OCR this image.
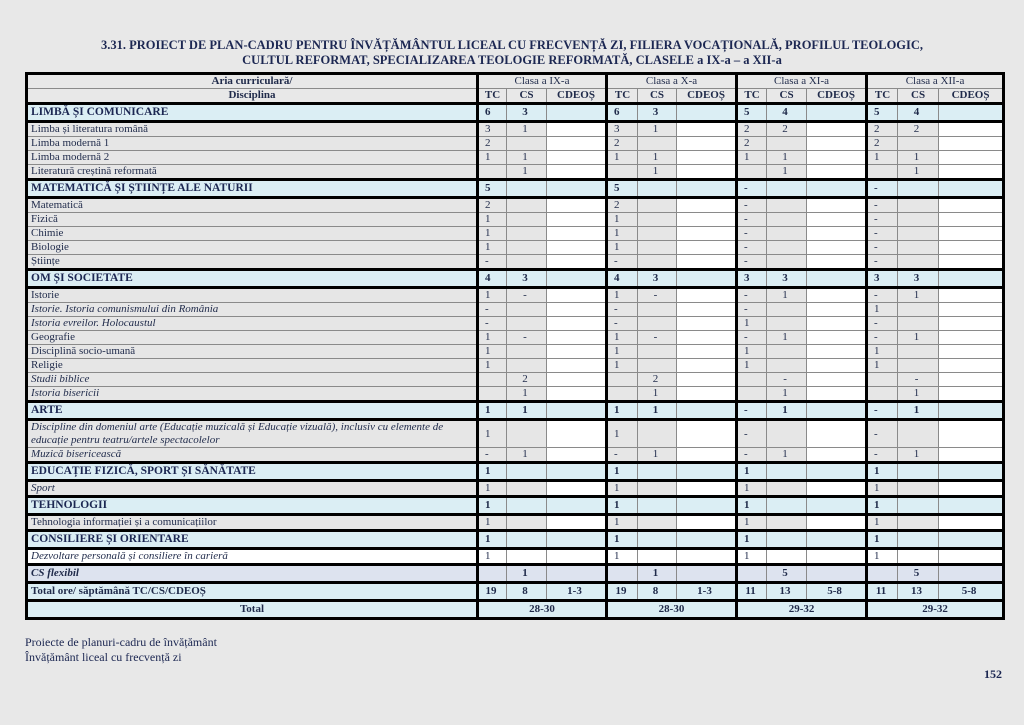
3.31. PROIECT DE PLAN-CADRU PENTRU ÎNVĂȚĂMÂNTUL LICEAL CU FRECVENȚĂ ZI, FILIERA VOCAȚIONALĂ, PROFILUL TEOLOGIC,
CULTUL REFORMAT, SPECIALIZAREA TEOLOGIE REFORMATĂ, CLASELE a IX-a – a XII-a
Aria curriculară/	Clasa a IX-a			Clasa a X-a			Clasa a XI-a			Clasa a XII-a		
Disciplina	TC	CS	CDEOȘ	TC	CS	CDEOȘ	TC	CS	CDEOȘ	TC	CS	CDEOȘ
LIMBĂ ȘI COMUNICARE	6	3		6	3		5	4		5	4	
Limba și literatura română	3	1		3	1		2	2		2	2	
Limba modernă 1	2			2			2			2		
Limba modernă 2	1	1		1	1		1	1		1	1	
Literatură creștină reformată		1			1			1			1	
MATEMATICĂ ȘI ȘTIINȚE ALE NATURII	5			5			-			-		
Matematică	2			2			-			-		
Fizică	1			1			-			-		
Chimie	1			1			-			-		
Biologie	1			1			-			-		
Științe	-			-			-			-		
OM ȘI SOCIETATE	4	3		4	3		3	3		3	3	
Istorie	1	-		1	-		-	1		-	1	
Istorie. Istoria comunismului din România	-			-			-			1		
Istoria evreilor. Holocaustul	-			-			1			-		
Geografie	1	-		1	-		-	1		-	1	
Disciplină socio-umană	1			1			1			1		
Religie	1			1			1			1		
Studii biblice		2			2			-			-	
Istoria bisericii		1			1			1			1	
ARTE	1	1		1	1		-	1		-	1	
Discipline din domeniul arte (Educație muzicală și Educație vizuală), inclusiv cu elemente de educație pentru teatru/artele spectacolelor	1			1			-			-		
Muzică bisericească	-	1		-	1		-	1		-	1	
EDUCAȚIE FIZICĂ, SPORT ȘI SĂNĂTATE	1			1			1			1		
Sport	1			1			1			1		
TEHNOLOGII	1			1			1			1		
Tehnologia informației și a comunicațiilor	1			1			1			1		
CONSILIERE ȘI ORIENTARE	1			1			1			1		
Dezvoltare personală și consiliere în carieră	1			1			1			1		
CS flexibil		1			1			5			5	
Total ore/ săptămână TC/CS/CDEOȘ	19	8	1-3	19	8	1-3	11	13	5-8	11	13	5-8
Total	28-30			28-30			29-32			29-32		
Proiecte de planuri-cadru de învățământ
Învățământ liceal cu frecvență zi
152
